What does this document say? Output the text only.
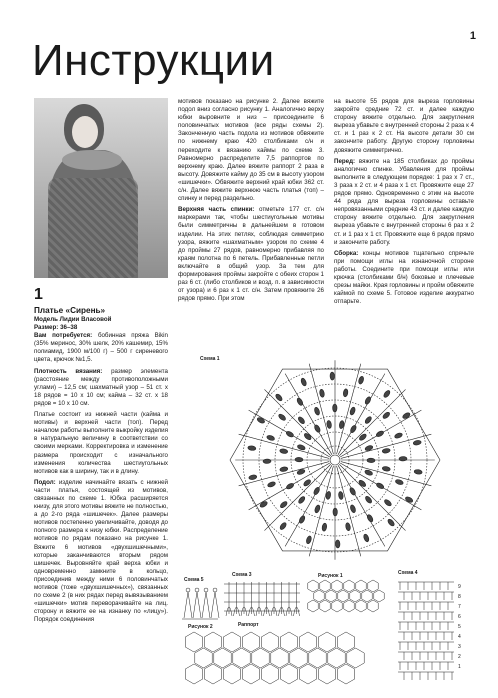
1
Инструкции
1
Платье «Сирень»

Модель Лидии Власовой

Размер: 36–38

Вам потребуется: бобинная пряжа Bikin (35% меринос, 30% шелк, 20% кашемир, 15% полиамид, 1900 м/100 г) – 500 г сиреневого цвета, крючок №1,5.

Плотность вязания: размер элемента (расстояние между противоположными углами) – 12,5 см; шахматный узор – 51 ст. х 18 рядов = 10 х 10 см; кайма – 32 ст. х 18 рядов = 10 х 10 см.

Платье состоит из нижней части (кайма и мотивы) и верхней части (топ). Перед началом работы выполните выкройку изделия в натуральную величину в соответствии со своими мерками. Корректировка и изменение размера происходит с изначального изменения количества шестиугольных мотивов как в ширину, так и в длину.

Подол: изделие начинайте вязать с нижней части платья, состоящей из мотивов, связанных по схеме 1. Юбка расширяется книзу, для этого мотивы вяжите не полностью, а до 2-го ряда «шишечек». Далее размеры мотивов постепенно увеличивайте, доводя до полного размера к низу юбки. Распределение мотивов по рядам показано на рисунке 1. Вяжите 6 мотивов «двухшишечными», которые заканчиваются вторым рядом шишечек. Выровняйте край верха юбки и одновременно замкните в кольцо, присоединив между ними 6 половинчатых мотивов (тоже «двухшишечных»), связанных по схеме 2 (в них рядах перед вывязыванием «шишечки» мотив переворачивайте на лиц. сторону и вяжите ее на изнанку по «лицу»). Порядок соединения

мотивов показано на рисунке 2. Далее вяжите подол вниз согласно рисунку 1. Аналогично верху юбки выровните и низ – присоедините 6 половинчатых мотивов (все ряды схемы 2). Законченную часть подола из мотивов обвяжите по нижнему краю 420 столбиками с/н и переходите к вязанию каймы по схеме 3. Равномерно распределите 7,5 раппортов по верхнему краю. Далее вяжите раппорт 2 раза в высоту. Довяжите кайму до 35 см в высоту узором «шишечки». Обвяжите верхний край юбки 362 ст. с/н. Далее вяжите верхнюю часть платья (топ) – спинку и перед раздельно.

Верхняя часть спинки: отметьте 177 ст. с/н маркерами так, чтобы шестиугольные мотивы были симметричны в дальнейшем в готовом изделии. На этих петлях, соблюдая симметрию узора, вяжите «шахматным» узором по схеме 4 до проймы 27 рядов, равномерно прибавляя по краям полотна по 6 петель. Прибавленные петли включайте в общий узор. За тем для формирования проймы закройте с обеих сторон 1 раз 6 ст. (либо столбиков и возд. п. в зависимости от узора) и 6 раз к 1 ст. с/н. Затем провяжите 26 рядов прямо. При этом

на высоте 55 рядов для выреза горловины закройте средние 72 ст. и далее каждую сторону вяжите отдельно. Для закругления выреза убавьте с внутренней стороны 2 раза к 4 ст. и 1 раз к 2 ст. На высоте детали 30 см закончите работу. Другую сторону горловины довяжите симметрично.

Перед: вяжите на 185 столбиках до проймы аналогично спинке. Убавления для проймы выполните в следующем порядке: 1 раз х 7 ст., 3 раза х 2 ст. и 4 раза х 1 ст. Провяжите еще 27 рядов прямо. Одновременно с этим на высоте 44 ряда для выреза горловины оставьте непровязанными средние 43 ст. и далее каждую сторону вяжите отдельно. Для закругления выреза убавьте с внутренней стороны 6 раз х 2 ст. и 1 раз х 1 ст. Провяжите еще 6 рядов прямо и закончите работу.

Сборка: концы мотивов тщательно спрячьте при помощи иглы на изнаночной стороне работы. Соедините при помощи иглы или крючка (столбиками б/н) боковые и плечевые срезы майки. Края горловины и пройм обвяжите каймой по схеме 5. Готовое изделие аккуратно отпарьте.

Схема 1
Схема 5
Схема 3
Раппорт
Рисунок 1	Схема 4
9
8
7
6
5
4
3
2
1
Рисунок 2
